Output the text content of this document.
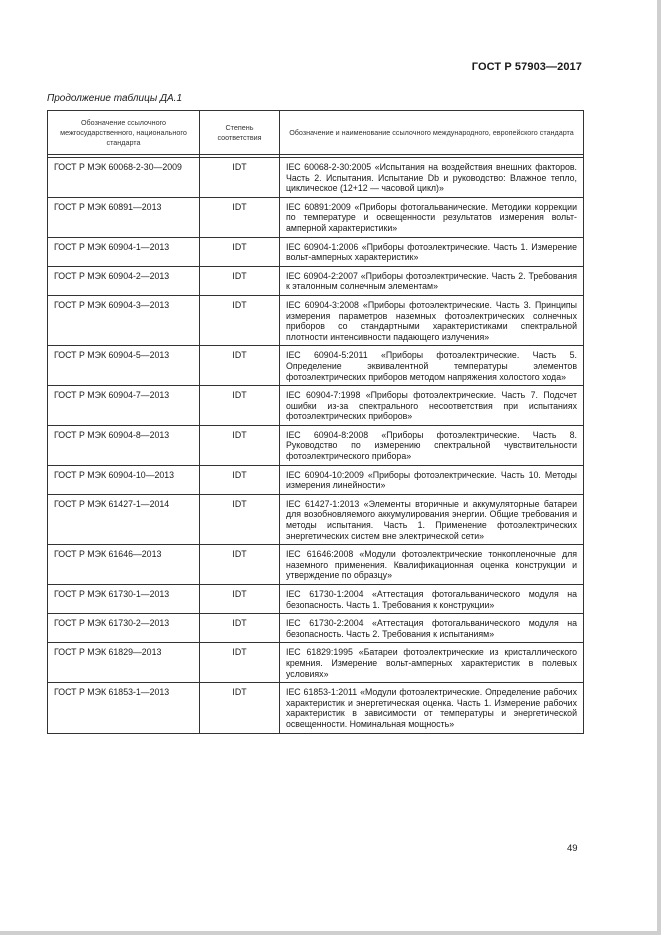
ГОСТ Р 57903—2017
Продолжение таблицы ДА.1
Обозначение ссылочного межгосударственного, национального стандарта	Степень соответствия	Обозначение и наименование ссылочного международного, европейского стандарта

ГОСТ Р МЭК 60068-2-30—2009	IDT	IEC 60068-2-30:2005 «Испытания на воздействия внешних факторов. Часть 2. Испытания. Испытание Db и руководство: Влажное тепло, циклическое (12+12 — часовой цикл)»
ГОСТ Р МЭК 60891—2013	IDT	IEC 60891:2009 «Приборы фотогальванические. Методики коррекции по температуре и освещенности результатов измерения вольт-амперной характеристики»
ГОСТ Р МЭК 60904-1—2013	IDT	IEC 60904-1:2006 «Приборы фотоэлектрические. Часть 1. Измерение вольт-амперных характеристик»
ГОСТ Р МЭК 60904-2—2013	IDT	IEC 60904-2:2007 «Приборы фотоэлектрические. Часть 2. Требования к эталонным солнечным элементам»
ГОСТ Р МЭК 60904-3—2013	IDT	IEC 60904-3:2008 «Приборы фотоэлектрические. Часть 3. Принципы измерения параметров наземных фотоэлектрических солнечных приборов со стандартными характеристиками спектральной плотности интенсивности падающего излучения»
ГОСТ Р МЭК 60904-5—2013	IDT	IEC 60904-5:2011 «Приборы фотоэлектрические. Часть 5. Определение эквивалентной температуры элементов фотоэлектрических приборов методом напряжения холостого хода»
ГОСТ Р МЭК 60904-7—2013	IDT	IEC 60904-7:1998 «Приборы фотоэлектрические. Часть 7. Подсчет ошибки из-за спектрального несоответствия при испытаниях фотоэлектрических приборов»
ГОСТ Р МЭК 60904-8—2013	IDT	IEC 60904-8:2008 «Приборы фотоэлектрические. Часть 8. Руководство по измерению спектральной чувствительности фотоэлектрического прибора»
ГОСТ Р МЭК 60904-10—2013	IDT	IEC 60904-10:2009 «Приборы фотоэлектрические. Часть 10. Методы измерения линейности»
ГОСТ Р МЭК 61427-1—2014	IDT	IEC 61427-1:2013 «Элементы вторичные и аккумуляторные батареи для возобновляемого аккумулирования энергии. Общие требования и методы испытания. Часть 1. Применение фотоэлектрических энергетических систем вне электрической сети»
ГОСТ Р МЭК 61646—2013	IDT	IEC 61646:2008 «Модули фотоэлектрические тонкопленочные для наземного применения. Квалификационная оценка конструкции и утверждение по образцу»
ГОСТ Р МЭК 61730-1—2013	IDT	IEC 61730-1:2004 «Аттестация фотогальванического модуля на безопасность. Часть 1. Требования к конструкции»
ГОСТ Р МЭК 61730-2—2013	IDT	IEC 61730-2:2004 «Аттестация фотогальванического модуля на безопасность. Часть 2. Требования к испытаниям»
ГОСТ Р МЭК 61829—2013	IDT	IEC 61829:1995 «Батареи фотоэлектрические из кристаллического кремния. Измерение вольт-амперных характеристик в полевых условиях»
ГОСТ Р МЭК 61853-1—2013	IDT	IEC 61853-1:2011 «Модули фотоэлектрические. Определение рабочих характеристик и энергетическая оценка. Часть 1. Измерение рабочих характеристик в зависимости от температуры и энергетической освещенности. Номинальная мощность»
49
